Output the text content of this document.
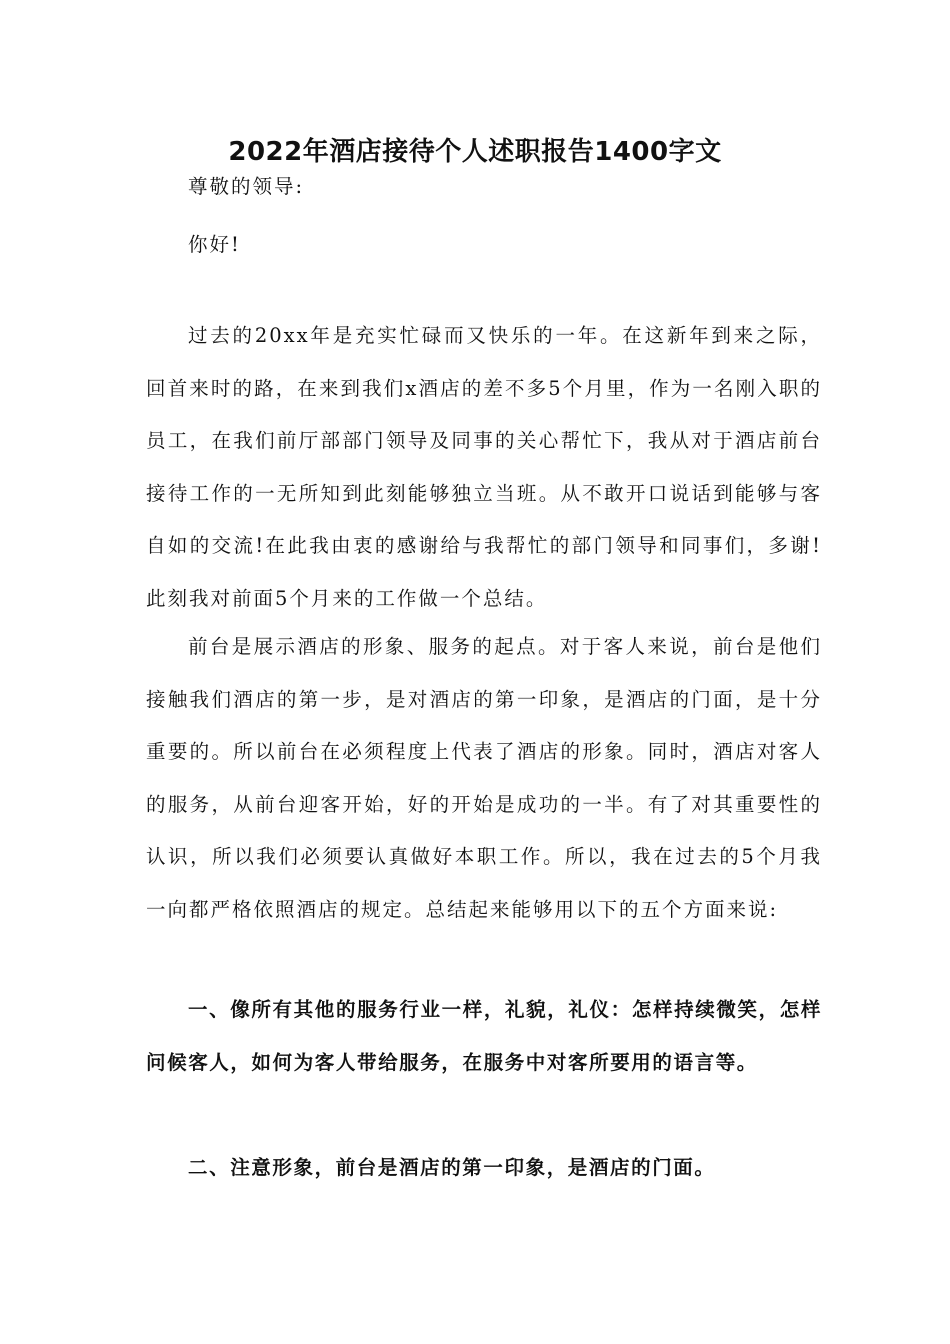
2022年酒店接待个人述职报告1400字文

尊敬的领导:

你好!

过去的20xx年是充实忙碌而又快乐的一年。在这新年到来之际，回首来时的路，在来到我们x酒店的差不多5个月里，作为一名刚入职的员工，在我们前厅部部门领导及同事的关心帮忙下，我从对于酒店前台接待工作的一无所知到此刻能够独立当班。从不敢开口说话到能够与客自如的交流!在此我由衷的感谢给与我帮忙的部门领导和同事们，多谢!此刻我对前面5个月来的工作做一个总结。

前台是展示酒店的形象、服务的起点。对于客人来说，前台是他们接触我们酒店的第一步，是对酒店的第一印象，是酒店的门面，是十分重要的。所以前台在必须程度上代表了酒店的形象。同时，酒店对客人的服务，从前台迎客开始，好的开始是成功的一半。有了对其重要性的认识，所以我们必须要认真做好本职工作。所以，我在过去的5个月我一向都严格依照酒店的规定。总结起来能够用以下的五个方面来说:

一、像所有其他的服务行业一样，礼貌，礼仪：怎样持续微笑，怎样问候客人，如何为客人带给服务，在服务中对客所要用的语言等。

二、注意形象，前台是酒店的第一印象，是酒店的门面。
